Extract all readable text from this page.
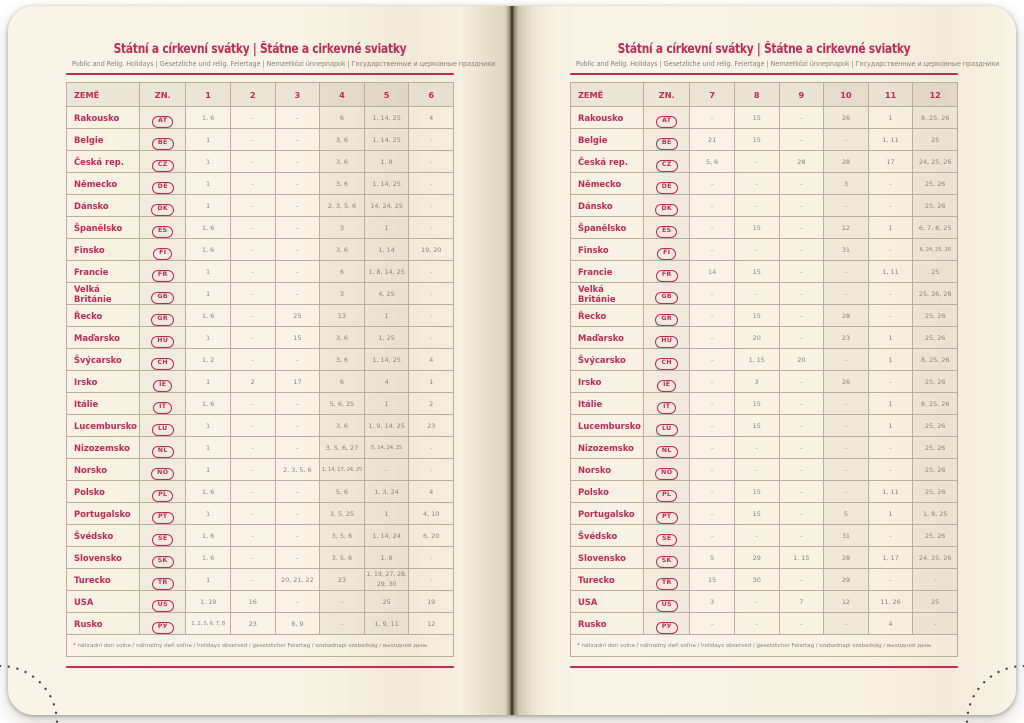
Státní a církevní svátky | Štátne a cirkevné sviatky
Public and Relig. Holidays | Gesetzliche und relig. Feiertage | Nemzetközi ünnepnapok | Государственные и церковные праздники
ZEMĚ	ZN.	1	2	3	4	5	6
Rakousko	AT	1, 6	–	–	6	1, 14, 25	4
Belgie	BE	1	–	–	3, 6	1, 14, 25	–
Česká rep.	CZ	1	–	–	3, 6	1, 8	–
Německo	DE	1	–	–	3, 6	1, 14, 25	–
Dánsko	DK	1	–	–	2, 3, 5, 6	14, 24, 25	–
Španělsko	ES	1, 6	–	–	3	1	–
Finsko	FI	1, 6	–	–	3, 6	1, 14	19, 20
Francie	FR	1	–	–	6	1, 8, 14, 25	–
Velká Británie	GB	1	–	–	3	4, 25	–
Řecko	GR	1, 6	–	25	13	1	–
Maďarsko	HU	1	–	15	3, 6	1, 25	–
Švýcarsko	CH	1, 2	–	–	3, 6	1, 14, 25	4
Irsko	IE	1	2	17	6	4	1
Itálie	IT	1, 6	–	–	5, 6, 25	1	2
Lucembursko	LU	1	–	–	3, 6	1, 9, 14, 25	23
Nizozemsko	NL	1	–	–	3, 5, 6, 27	5, 14, 24, 25	–
Norsko	NO	1	–	2, 3, 5, 6	1, 14, 17, 24, 25	–	–
Polsko	PL	1, 6	–	–	5, 6	1, 3, 24	4
Portugalsko	PT	1	–	–	3, 5, 25	1	4, 10
Švédsko	SE	1, 6	–	–	3, 5, 6	1, 14, 24	6, 20
Slovensko	SK	1, 6	–	–	3, 5, 6	1, 8	–
Turecko	TR	1	–	20, 21, 22	23	1, 19, 27, 28, 29, 30	–
USA	US	1, 19	16	–	–	25	19
Rusko	РУ	1, 2, 5, 6, 7, 8	23	8, 9	–	1, 9, 11	12
* náhradní den volna / náhradný deň voľna / holidays observed / gesetzlicher Feiertag / szabadnapi szabadság / выходной день							
Státní a církevní svátky | Štátne a cirkevné sviatky
Public and Relig. Holidays | Gesetzliche und relig. Feiertage | Nemzetközi ünnepnapok | Государственные и церковные праздники
ZEMĚ	ZN.	7	8	9	10	11	12
Rakousko	AT	–	15	–	26	1	8, 25, 26
Belgie	BE	21	15	–	–	1, 11	25
Česká rep.	CZ	5, 6	–	28	28	17	24, 25, 26
Německo	DE	–	–	–	3	–	25, 26
Dánsko	DK	–	–	–	–	–	25, 26
Španělsko	ES	–	15	–	12	1	6, 7, 8, 25
Finsko	FI	–	–	–	31	–	6, 24, 25, 26
Francie	FR	14	15	–	–	1, 11	25
Velká Británie	GB	–	–	–	–	–	25, 26, 28
Řecko	GR	–	15	–	28	–	25, 26
Maďarsko	HU	–	20	–	23	1	25, 26
Švýcarsko	CH	–	1, 15	20	–	1	8, 25, 26
Irsko	IE	–	3	–	26	–	25, 26
Itálie	IT	–	15	–	–	1	8, 25, 26
Lucembursko	LU	–	15	–	–	1	25, 26
Nizozemsko	NL	–	–	–	–	–	25, 26
Norsko	NO	–	–	–	–	–	25, 26
Polsko	PL	–	15	–	–	1, 11	25, 26
Portugalsko	PT	–	15	–	5	1	1, 8, 25
Švédsko	SE	–	–	–	31	–	25, 26
Slovensko	SK	5	29	1, 15	28	1, 17	24, 25, 26
Turecko	TR	15	30	–	29	–	–
USA	US	3	–	7	12	11, 26	25
Rusko	РУ	–	–	–	–	4	–
* náhradní den volna / náhradný deň voľna / holidays observed / gesetzlicher Feiertag / szabadnapi szabadság / выходной день							
